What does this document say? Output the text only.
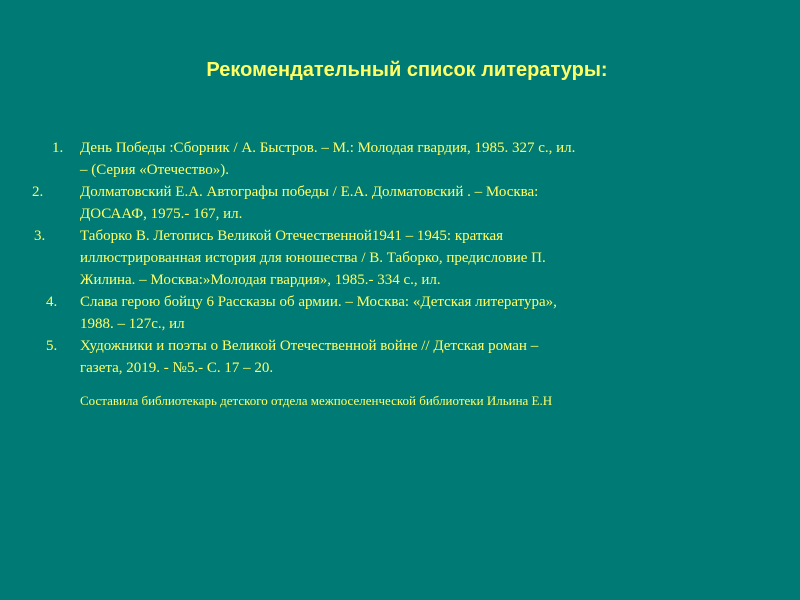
Рекомендательный список литературы:
1. День Победы :Сборник / А. Быстров. – М.: Молодая гвардия, 1985. 327 с., ил.
– (Серия «Отечество»).
2. Долматовский Е.А. Автографы победы / Е.А. Долматовский . – Москва:
ДОСААФ, 1975.- 167, ил.
3. Таборко В. Летопись Великой Отечественной1941 – 1945: краткая
иллюстрированная история для юношества / В. Таборко, предисловие П.
Жилина. – Москва:»Молодая гвардия», 1985.- 334 с., ил.
4. Слава герою бойцу 6 Рассказы об армии. – Москва: «Детская литература»,
1988. – 127с., ил
5. Художники и поэты о Великой Отечественной войне // Детская роман –
газета, 2019. - №5.- С. 17 – 20.
Составила библиотекарь детского отдела межпоселенческой библиотеки Ильина Е.Н
